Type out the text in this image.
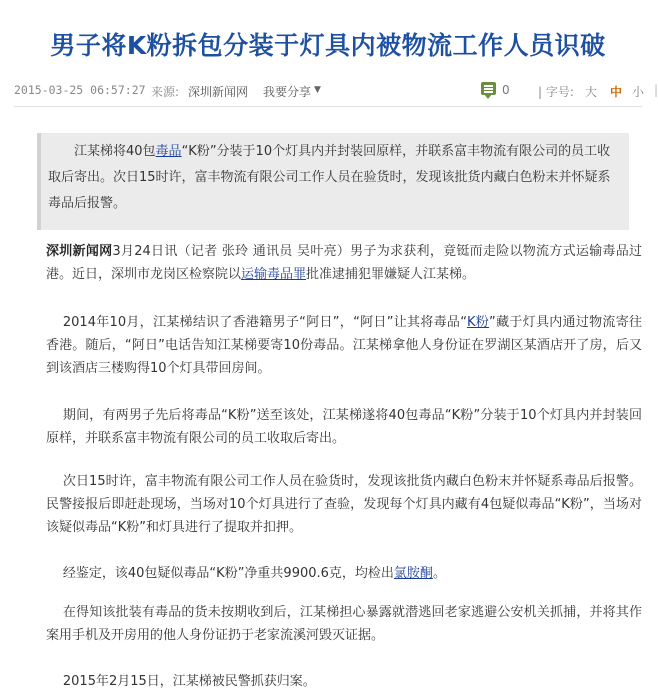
男子将K粉拆包分装于灯具内被物流工作人员识破
2015-03-25 06:57:27 来源: 深圳新闻网 我要分享 ▼	0 | 字号: 大 中 小 |

江某梯将40包毒品“K粉”分装于10个灯具内并封装回原样，并联系富丰物流有限公司的员工收取后寄出。次日15时许，富丰物流有限公司工作人员在验货时，发现该批货内藏白色粉末并怀疑系毒品后报警。

深圳新闻网3月24日讯（记者 张玲 通讯员 吴叶亮）男子为求获利，竟铤而走险以物流方式运输毒品过港。近日，深圳市龙岗区检察院以运输毒品罪批准逮捕犯罪嫌疑人江某梯。

2014年10月，江某梯结识了香港籍男子“阿日”，“阿日”让其将毒品“K粉”藏于灯具内通过物流寄往香港。随后，“阿日”电话告知江某梯要寄10份毒品。江某梯拿他人身份证在罗湖区某酒店开了房，后又到该酒店三楼购得10个灯具带回房间。

期间，有两男子先后将毒品“K粉”送至该处，江某梯遂将40包毒品“K粉”分装于10个灯具内并封装回原样，并联系富丰物流有限公司的员工收取后寄出。

次日15时许，富丰物流有限公司工作人员在验货时，发现该批货内藏白色粉末并怀疑系毒品后报警。民警接报后即赶赴现场，当场对10个灯具进行了查验，发现每个灯具内藏有4包疑似毒品“K粉”，当场对该疑似毒品“K粉”和灯具进行了提取并扣押。

经鉴定，该40包疑似毒品“K粉”净重共9900.6克，均检出氯胺酮。

在得知该批装有毒品的货未按期收到后，江某梯担心暴露就潜逃回老家逃避公安机关抓捕，并将其作案用手机及开房用的他人身份证扔于老家流溪河毁灭证据。

2015年2月15日，江某梯被民警抓获归案。
